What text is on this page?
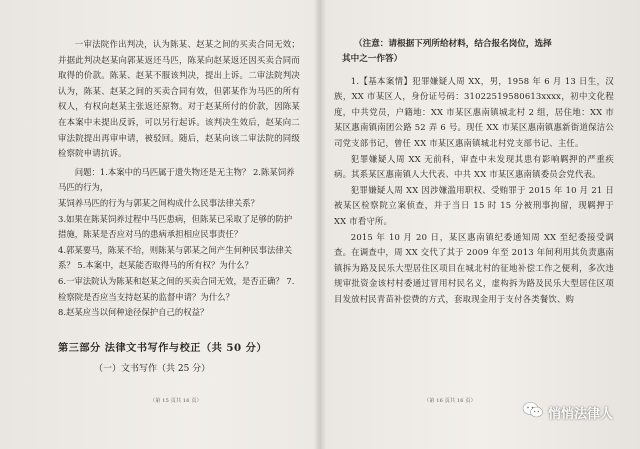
一审法院作出判决，认为陈某、赵某之间的买卖合同无效；并据此判决赵某向郭某返还马匹，陈某向赵某返还因买卖合同而取得的价款。陈某、赵某不服该判决，提出上诉。二审法院判决认为，陈某、赵某之间的买卖合同有效，但郭某作为马匹的所有权人，有权向赵某主张返还原物。对于赵某所付的价款，因陈某在本案中未提出反诉，可以另行起诉。该判决生效后，赵某向二审法院提出再审申请，被驳回。随后，赵某向该二审法院的同级检察院申请抗诉。

问题：1.本案中的马匹属于遗失物还是无主物？ 2.陈某饲养马匹的行为，

某饲养马匹的行为与郭某之间构成什么民事法律关系？

3.如果在陈某饲养过程中马匹患病，但陈某已采取了足够的防护措施，陈某是否应对马的患病承担相应民事责任？

4.郭某要马，陈某不给，则陈某与郭某之间产生何种民事法律关系？ 5.本案中，赵某能否取得马的所有权？为什么？

6.一审法院认为陈某和赵某之间的买卖合同无效，是否正确？ 7.检察院是否应当支持赵某的监督申请？为什么？

8.赵某应当以何种途径保护自己的权益？

第三部分 法律文书写作与校正（共 50 分）

（一）文书写作（共 25 分）

（第 15 页共 16 页）

（注意：请根据下列所给材料，结合报名岗位，选择

其中之一作答）

1.【基本案情】犯罪嫌疑人周 XX，男，1958 年 6 月 13 日生，汉族，XX 市某区人，身份证号码：31022519580613xxxx，初中文化程度，中共党员，户籍地：XX 市某区惠南镇城北村 2 组，居住地：XX 市某区惠南镇南团公路 52 弄 6 号。现任 XX 市某区惠南镇惠新街道保洁公司党支部书记，曾任 XX 市某区惠南镇城北村党支部书记、主任。

犯罪嫌疑人周 XX 无前科，审查中未发现其患有影响羁押的严重疾病。其系某区惠南镇人大代表、中共 XX 市某区惠南镇委员会党代表。

犯罪嫌疑人周 XX 因涉嫌滥用职权、受贿罪于 2015 年 10 月 21 日被某区检察院立案侦查，并于当日 15 时 15 分被刑事拘留，现羁押于 XX 市看守所。

2015 年 10 月 20 日，某区惠南镇纪委通知周 XX 至纪委接受调查。在调查中，周 XX 交代了其于 2009 年至 2013 年间利用其负责惠南镇拆为路及民乐大型居住区项目在城北村的征地补偿工作之便利，多次违规审批资金该村村委通过冒用村民名义，虚构拆为路及民乐大型居住区项目发放村民青苗补偿费的方式，套取现金用于支付各类餐饮、购

（第 16 页共 16 页）
悄悄法律人
